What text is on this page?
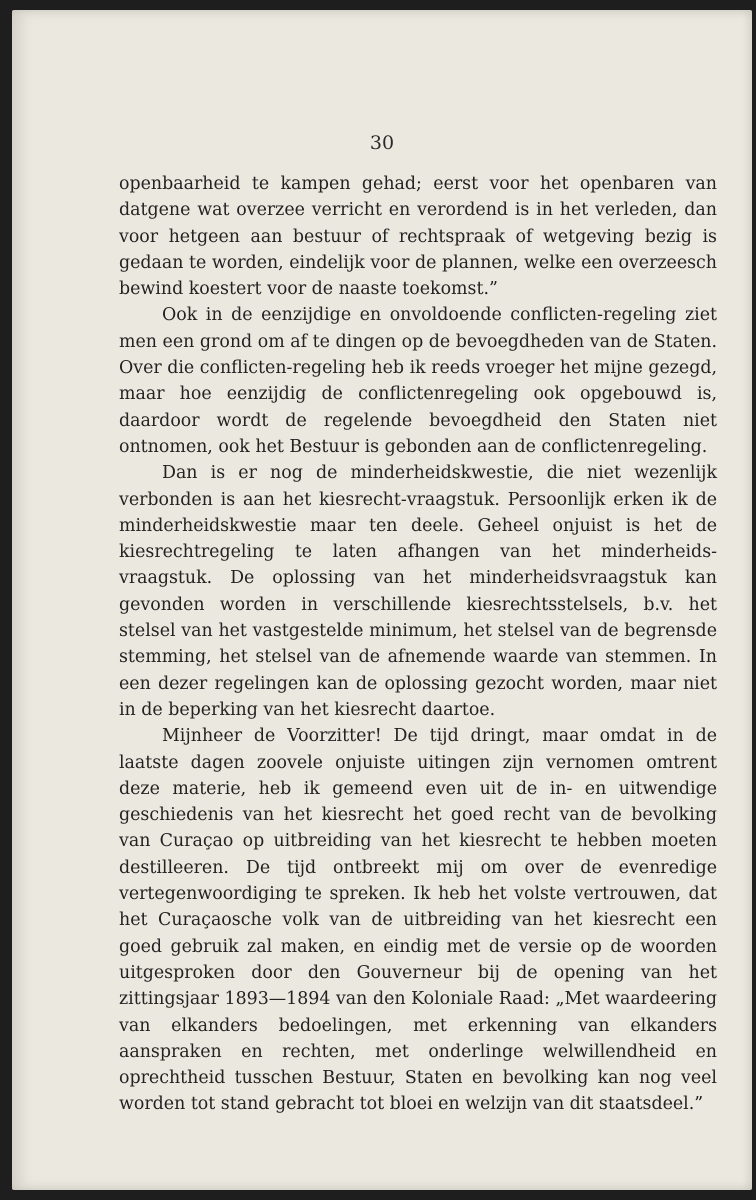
30

openbaarheid te kampen gehad; eerst voor het openbaren van datgene wat overzee verricht en verordend is in het verleden, dan voor hetgeen aan bestuur of rechtspraak of wetgeving bezig is gedaan te worden, eindelijk voor de plannen, welke een overzeesch bewind koestert voor de naaste toekomst.”

Ook in de eenzijdige en onvoldoende conflicten-regeling ziet men een grond om af te dingen op de bevoegdheden van de Staten. Over die conflicten-regeling heb ik reeds vroeger het mijne gezegd, maar hoe eenzijdig de conflictenregeling ook opgebouwd is, daardoor wordt de regelende bevoegdheid den Staten niet ontnomen, ook het Bestuur is gebonden aan de conflictenregeling.

Dan is er nog de minderheidskwestie, die niet wezenlijk verbonden is aan het kiesrecht-vraagstuk. Persoonlijk erken ik de minderheidskwestie maar ten deele. Geheel onjuist is het de kiesrechtregeling te laten afhangen van het minderheids-vraagstuk. De oplossing van het minderheidsvraagstuk kan gevonden worden in verschillende kiesrechtsstelsels, b.v. het stelsel van het vastgestelde minimum, het stelsel van de begrensde stemming, het stelsel van de afnemende waarde van stemmen. In een dezer regelingen kan de oplossing gezocht worden, maar niet in de beperking van het kiesrecht daartoe.

Mijnheer de Voorzitter! De tijd dringt, maar omdat in de laatste dagen zoovele onjuiste uitingen zijn vernomen omtrent deze materie, heb ik gemeend even uit de in- en uitwendige geschiedenis van het kiesrecht het goed recht van de bevolking van Curaçao op uitbreiding van het kiesrecht te hebben moeten destilleeren. De tijd ontbreekt mij om over de evenredige vertegenwoordiging te spreken. Ik heb het volste vertrouwen, dat het Curaçaosche volk van de uitbreiding van het kiesrecht een goed gebruik zal maken, en eindig met de versie op de woorden uitgesproken door den Gouverneur bij de opening van het zittingsjaar 1893—1894 van den Koloniale Raad: „Met waardeering van elkanders bedoelingen, met erkenning van elkanders aanspraken en rechten, met onderlinge welwillendheid en oprechtheid tusschen Bestuur, Staten en bevolking kan nog veel worden tot stand gebracht tot bloei en welzijn van dit staatsdeel.”
